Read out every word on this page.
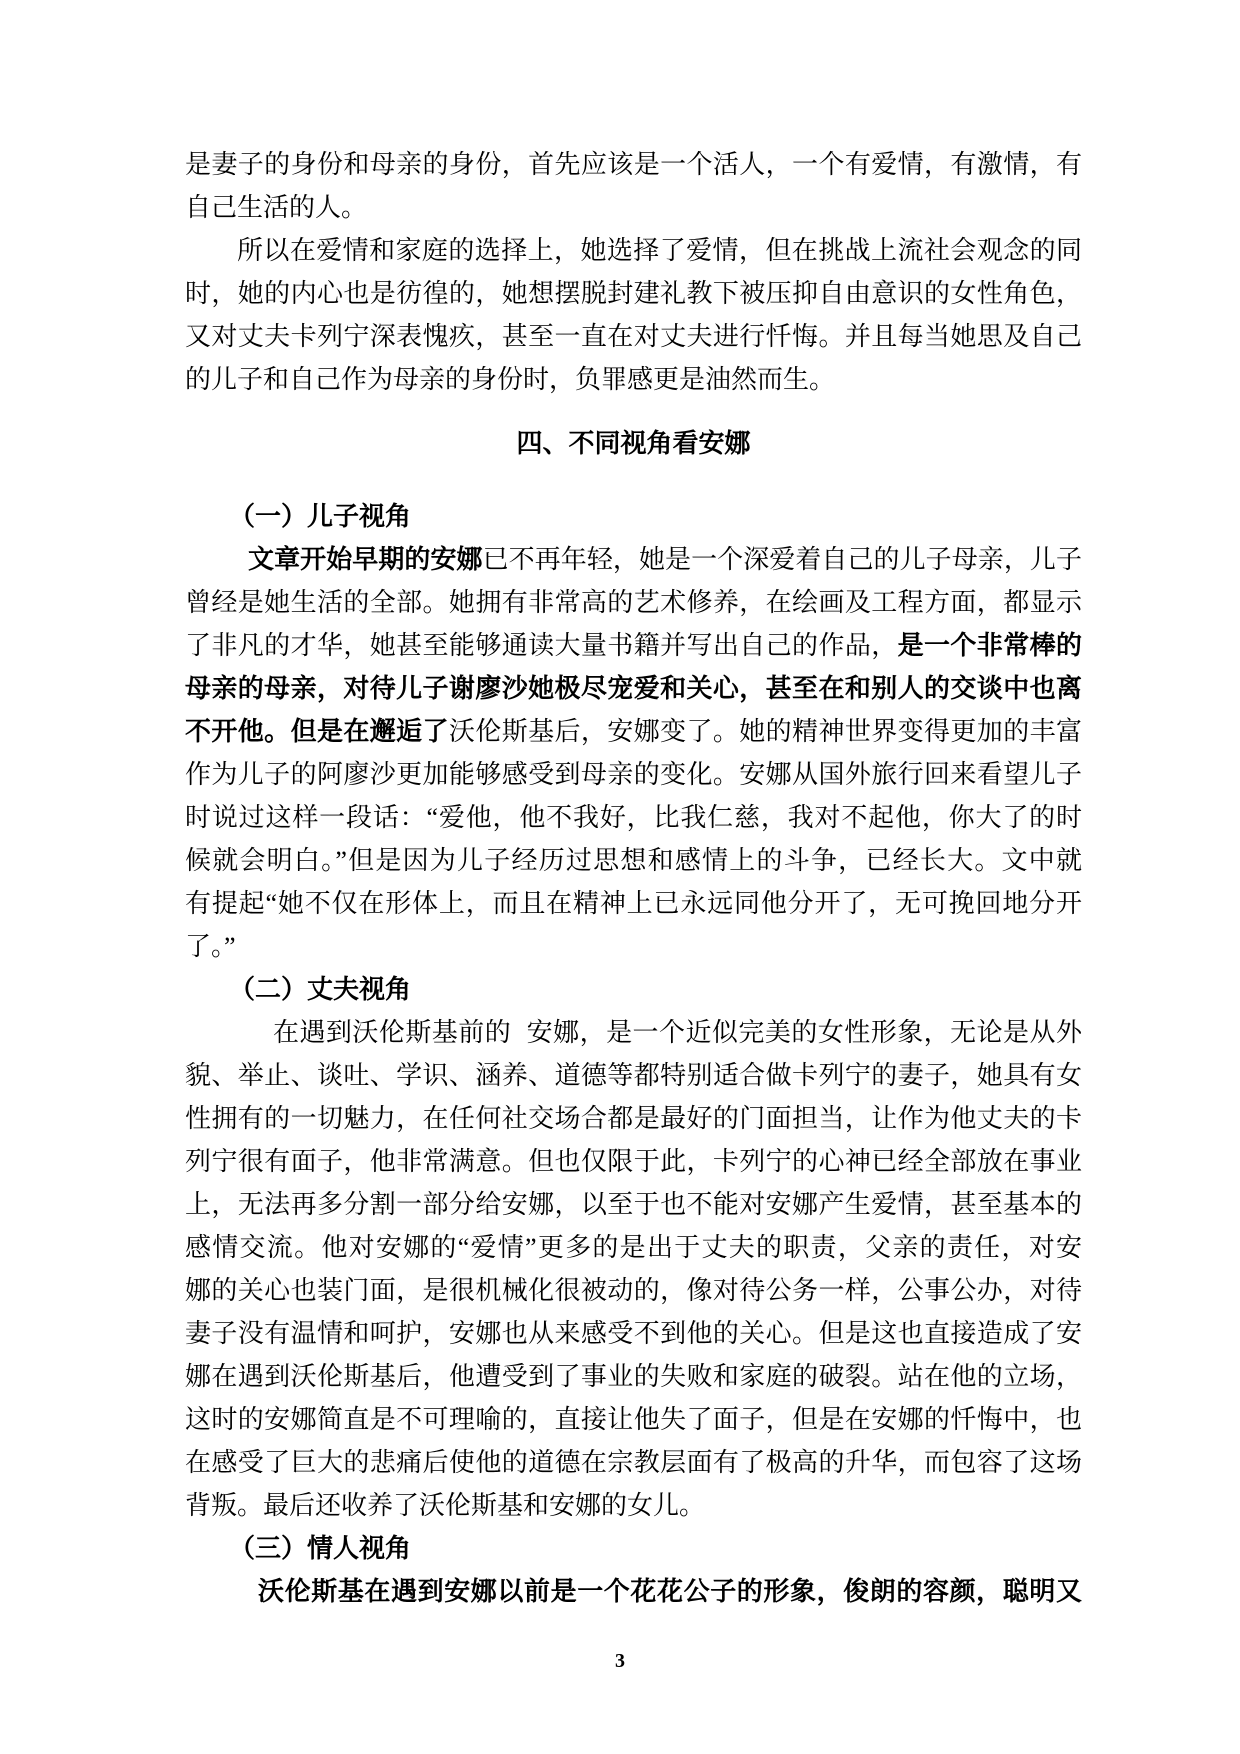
是妻子的身份和母亲的身份，首先应该是一个活人，一个有爱情，有激情，有
自己生活的人。
所以在爱情和家庭的选择上，她选择了爱情，但在挑战上流社会观念的同
时，她的内心也是彷徨的，她想摆脱封建礼教下被压抑自由意识的女性角色，
又对丈夫卡列宁深表愧疚，甚至一直在对丈夫进行忏悔。并且每当她思及自己
的儿子和自己作为母亲的身份时，负罪感更是油然而生。
四、不同视角看安娜
（一）儿子视角
文章开始早期的安娜已不再年轻，她是一个深爱着自己的儿子母亲，儿子
曾经是她生活的全部。她拥有非常高的艺术修养，在绘画及工程方面，都显示
了非凡的才华，她甚至能够通读大量书籍并写出自己的作品，是一个非常棒的
母亲的母亲，对待儿子谢廖沙她极尽宠爱和关心，甚至在和别人的交谈中也离
不开他。但是在邂逅了沃伦斯基后，安娜变了。她的精神世界变得更加的丰富
作为儿子的阿廖沙更加能够感受到母亲的变化。安娜从国外旅行回来看望儿子
时说过这样一段话：“爱他，他不我好，比我仁慈，我对不起他，你大了的时
候就会明白。”但是因为儿子经历过思想和感情上的斗争，已经长大。文中就
有提起“她不仅在形体上，而且在精神上已永远同他分开了，无可挽回地分开
了。”
（二）丈夫视角
在遇到沃伦斯基前的 安娜，是一个近似完美的女性形象，无论是从外
貌、举止、谈吐、学识、涵养、道德等都特别适合做卡列宁的妻子，她具有女
性拥有的一切魅力，在任何社交场合都是最好的门面担当，让作为他丈夫的卡
列宁很有面子，他非常满意。但也仅限于此，卡列宁的心神已经全部放在事业
上，无法再多分割一部分给安娜，以至于也不能对安娜产生爱情，甚至基本的
感情交流。他对安娜的“爱情”更多的是出于丈夫的职责，父亲的责任，对安
娜的关心也装门面，是很机械化很被动的，像对待公务一样，公事公办，对待
妻子没有温情和呵护，安娜也从来感受不到他的关心。但是这也直接造成了安
娜在遇到沃伦斯基后，他遭受到了事业的失败和家庭的破裂。站在他的立场，
这时的安娜简直是不可理喻的，直接让他失了面子，但是在安娜的忏悔中，也
在感受了巨大的悲痛后使他的道德在宗教层面有了极高的升华，而包容了这场
背叛。最后还收养了沃伦斯基和安娜的女儿。
（三）情人视角
沃伦斯基在遇到安娜以前是一个花花公子的形象，俊朗的容颜，聪明又
3
